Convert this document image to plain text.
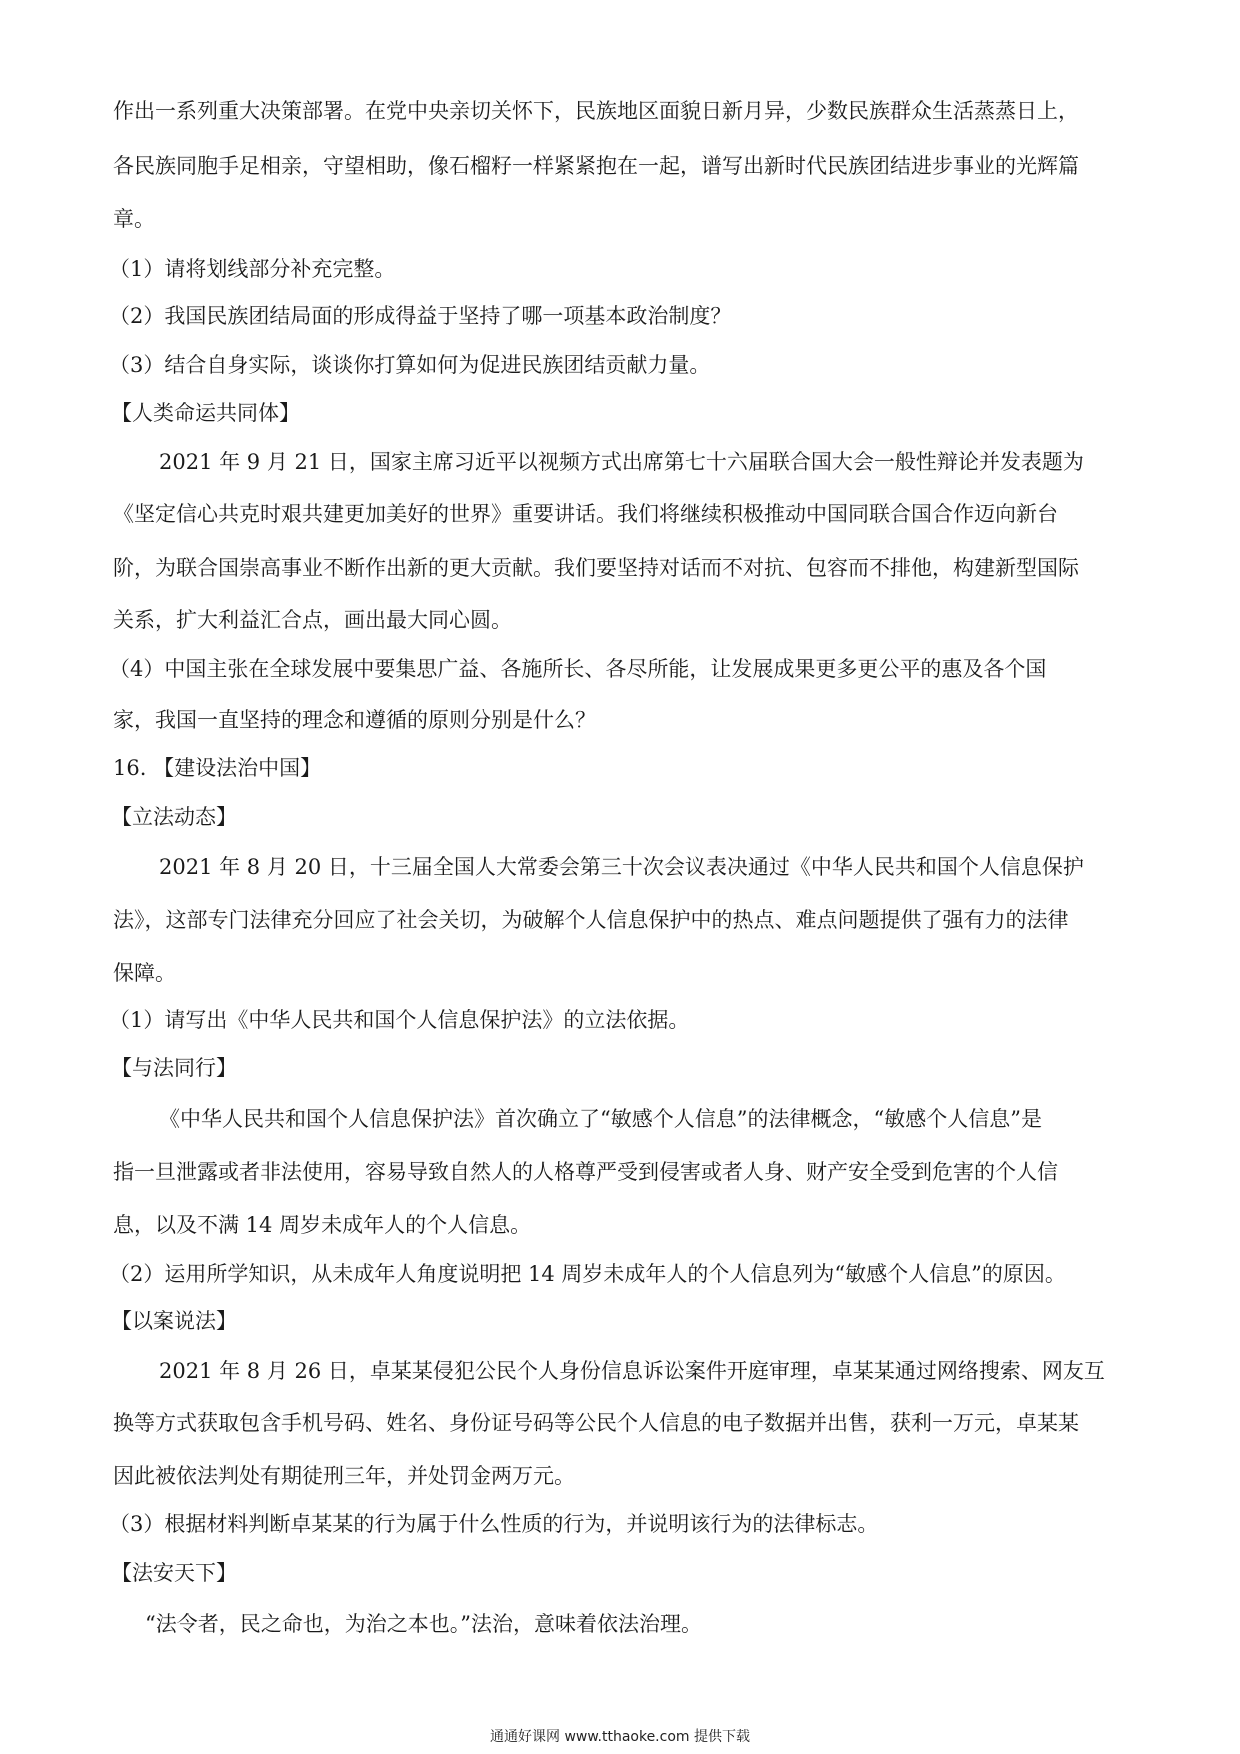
作出一系列重大决策部署。在党中央亲切关怀下，民族地区面貌日新月异，少数民族群众生活蒸蒸日上，
各民族同胞手足相亲，守望相助，像石榴籽一样紧紧抱在一起，谱写出新时代民族团结进步事业的光辉篇
章。
（1）请将划线部分补充完整。
（2）我国民族团结局面的形成得益于坚持了哪一项基本政治制度？
（3）结合自身实际，谈谈你打算如何为促进民族团结贡献力量。
【人类命运共同体】
2021 年 9 月 21 日，国家主席习近平以视频方式出席第七十六届联合国大会一般性辩论并发表题为
《坚定信心共克时艰共建更加美好的世界》重要讲话。我们将继续积极推动中国同联合国合作迈向新台
阶，为联合国崇高事业不断作出新的更大贡献。我们要坚持对话而不对抗、包容而不排他，构建新型国际
关系，扩大利益汇合点，画出最大同心圆。
（4）中国主张在全球发展中要集思广益、各施所长、各尽所能，让发展成果更多更公平的惠及各个国
家，我国一直坚持的理念和遵循的原则分别是什么？
16. 【建设法治中国】
【立法动态】
2021 年 8 月 20 日，十三届全国人大常委会第三十次会议表决通过《中华人民共和国个人信息保护
法》，这部专门法律充分回应了社会关切，为破解个人信息保护中的热点、难点问题提供了强有力的法律
保障。
（1）请写出《中华人民共和国个人信息保护法》的立法依据。
【与法同行】
《中华人民共和国个人信息保护法》首次确立了“敏感个人信息”的法律概念，“敏感个人信息”是
指一旦泄露或者非法使用，容易导致自然人的人格尊严受到侵害或者人身、财产安全受到危害的个人信
息，以及不满 14 周岁未成年人的个人信息。
（2）运用所学知识，从未成年人角度说明把 14 周岁未成年人的个人信息列为“敏感个人信息”的原因。
【以案说法】
2021 年 8 月 26 日，卓某某侵犯公民个人身份信息诉讼案件开庭审理，卓某某通过网络搜索、网友互
换等方式获取包含手机号码、姓名、身份证号码等公民个人信息的电子数据并出售，获利一万元，卓某某
因此被依法判处有期徒刑三年，并处罚金两万元。
（3）根据材料判断卓某某的行为属于什么性质的行为，并说明该行为的法律标志。
【法安天下】
“法令者，民之命也，为治之本也。”法治，意味着依法治理。
通通好课网 www.tthaoke.com 提供下载
